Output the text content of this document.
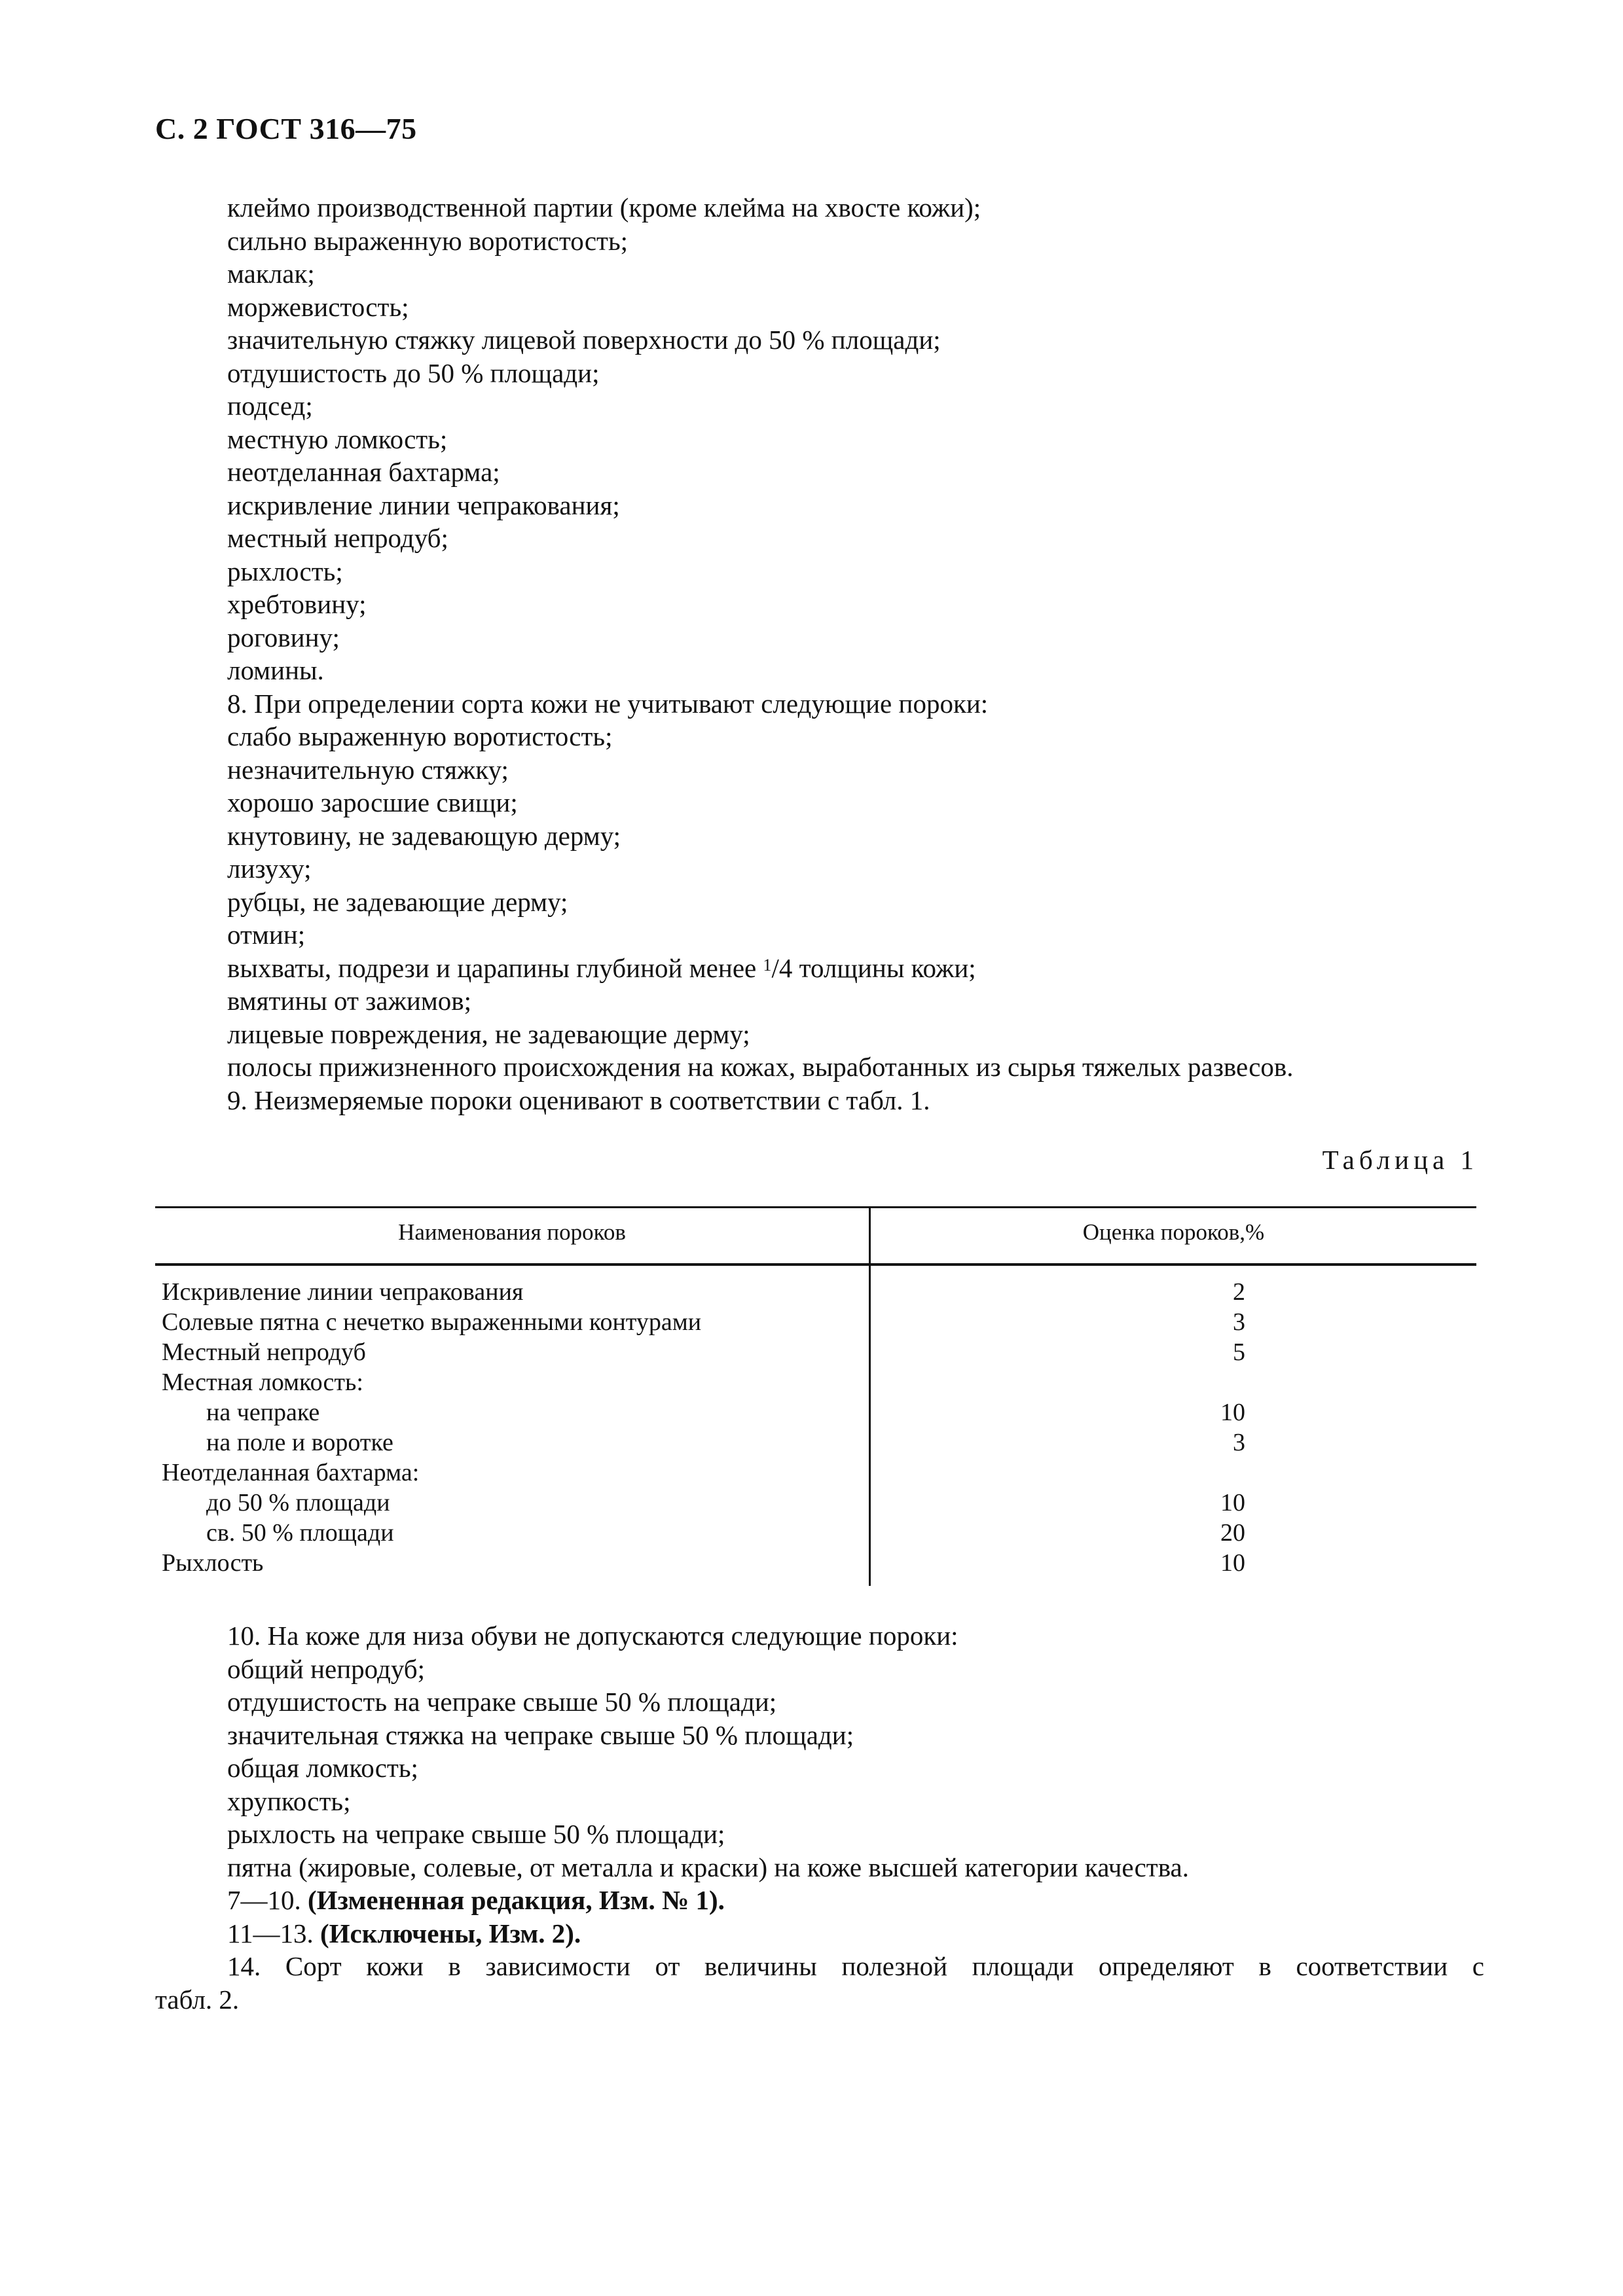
С. 2 ГОСТ 316—75
клеймо производственной партии (кроме клейма на хвосте кожи);
сильно выраженную воротистость;
маклак;
моржевистость;
значительную стяжку лицевой поверхности до 50 % площади;
отдушистость до 50 % площади;
подсед;
местную ломкость;
неотделанная бахтарма;
искривление линии чепракования;
местный непродуб;
рыхлость;
хребтовину;
роговину;
ломины.
8. При определении сорта кожи не учитывают следующие пороки:
слабо выраженную воротистость;
незначительную стяжку;
хорошо заросшие свищи;
кнутовину, не задевающую дерму;
лизуху;
рубцы, не задевающие дерму;
отмин;
выхваты, подрези и царапины глубиной менее $^1$/4 толщины кожи;
вмятины от зажимов;
лицевые повреждения, не задевающие дерму;
полосы прижизненного происхождения на кожах, выработанных из сырья тяжелых развесов.
9. Неизмеряемые пороки оценивают в соответствии с табл. 1.
Таблица 1
Наименования пороков	Оценка пороков,%
Искривление линии чепракования	2
Солевые пятна с нечетко выраженными контурами	3
Местный непродуб	5
Местная ломкость:
на чепраке	10
на поле и воротке	3
Неотделанная бахтарма:
до 50 % площади	10
св. 50 % площади	20
Рыхлость	10
10. На коже для низа обуви не допускаются следующие пороки:
общий непродуб;
отдушистость на чепраке свыше 50 % площади;
значительная стяжка на чепраке свыше 50 % площади;
общая ломкость;
хрупкость;
рыхлость на чепраке свыше 50 % площади;
пятна (жировые, солевые, от металла и краски) на коже высшей категории качества.
7—10. (Измененная редакция, Изм. № 1).
11—13. (Исключены, Изм. 2).
14. Сорт кожи в зависимости от величины полезной площади определяют в соответствии с
табл. 2.
